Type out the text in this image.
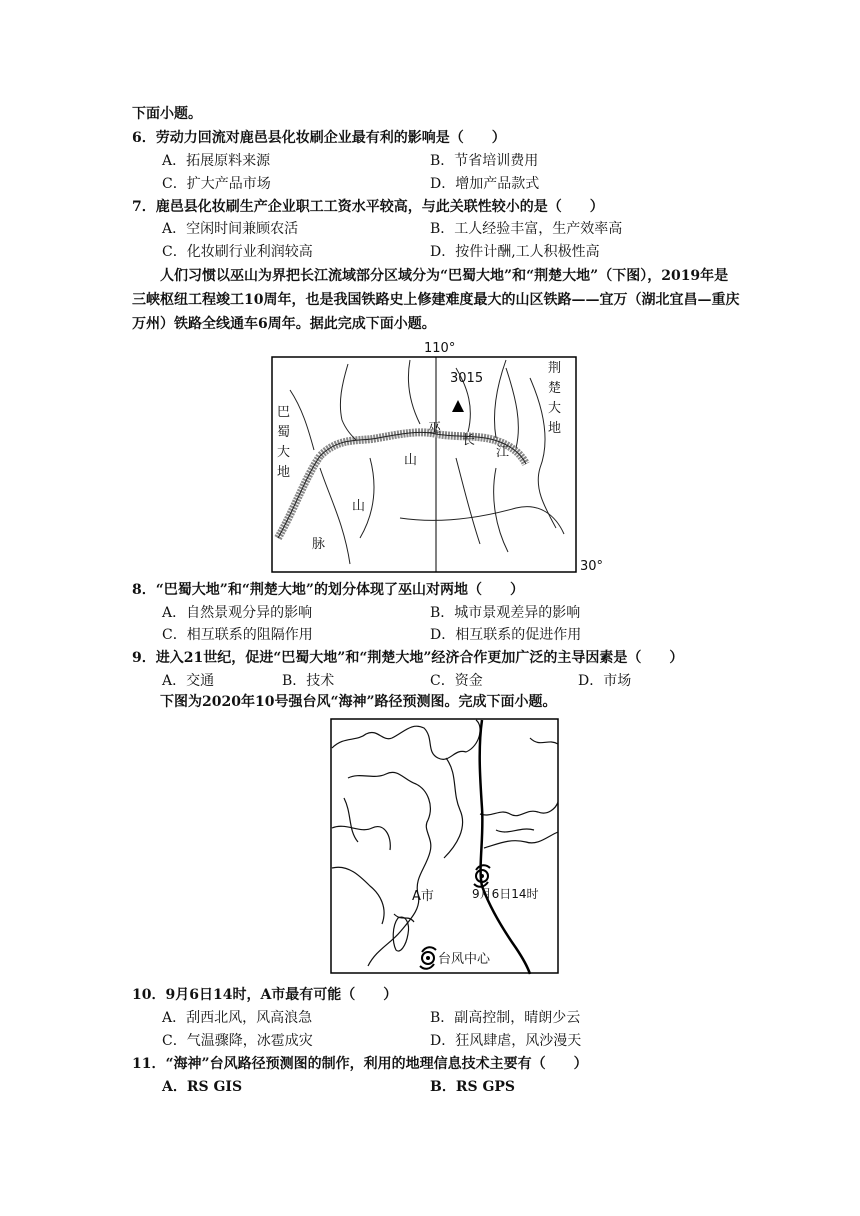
下面小题。
6．劳动力回流对鹿邑县化妆刷企业最有利的影响是（　　）
A．拓展原料来源	B．节省培训费用
C．扩大产品市场	D．增加产品款式
7．鹿邑县化妆刷生产企业职工工资水平较高，与此关联性较小的是（　　）
A．空闲时间兼顾农活	B．工人经验丰富，生产效率高
C．化妆刷行业利润较高	D．按件计酬,工人积极性高
人们习惯以巫山为界把长江流域部分区域分为“巴蜀大地”和“荆楚大地”（下图），2019年是三峡枢纽工程竣工10周年，也是我国铁路史上修建难度最大的山区铁路——宜万（湖北宜昌—重庆万州）铁路全线通车6周年。据此完成下面小题。
110°
30°
3015
巴
蜀
大
地
荆
楚
大
地
巫
山
山
脉
长
江
8．“巴蜀大地”和“荆楚大地”的划分体现了巫山对两地（　　）
A．自然景观分异的影响	B．城市景观差异的影响
C．相互联系的阻隔作用	D．相互联系的促进作用
9．进入21世纪，促进“巴蜀大地”和“荆楚大地”经济合作更加广泛的主导因素是（　　）
A．交通	B．技术	C．资金	D．市场
下图为2020年10号强台风“海神”路径预测图。完成下面小题。
9月6日14时
A市
台风中心
10．9月6日14时，A市最有可能（　　）
A．刮西北风，风高浪急	B．副高控制，晴朗少云
C．气温骤降，冰雹成灾	D．狂风肆虐，风沙漫天
11．“海神”台风路径预测图的制作，利用的地理信息技术主要有（　　）
A．RS GIS	B．RS GPS
